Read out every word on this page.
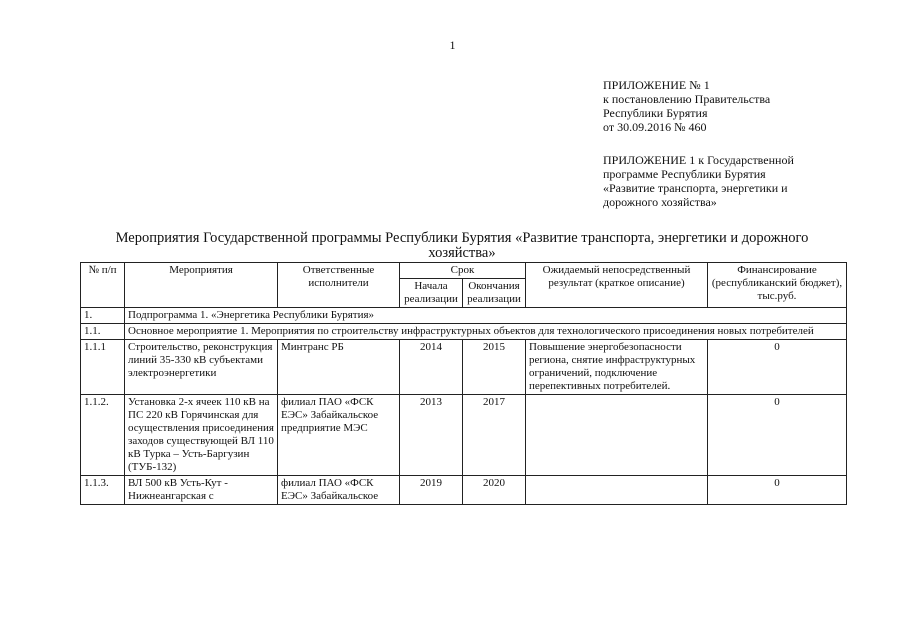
1
ПРИЛОЖЕНИЕ № 1
к постановлению Правительства
Республики Бурятия
от 30.09.2016 № 460
ПРИЛОЖЕНИЕ 1 к Государственной
программе Республики Бурятия
«Развитие транспорта, энергетики и
дорожного хозяйства»
Мероприятия Государственной программы Республики Бурятия «Развитие транспорта, энергетики и дорожного хозяйства»
№ п/п	Мероприятия	Ответственные исполнители	Срок		Ожидаемый непосредственный результат (краткое описание)	Финансирование (республиканский бюджет), тыс.руб.
			Начала реализации	Окончания реализации		
1.	Подпрограмма 1. «Энергетика Республики Бурятия»					
1.1.	Основное мероприятие 1. Мероприятия по строительству инфраструктурных объектов для технологического присоединения новых потребителей					
1.1.1	Строительство, реконструкция линий 35-330 кВ субъектами электроэнергетики	Минтранс РБ	2014	2015	Повышение энергобезопасности региона, снятие инфраструктурных ограничений, подключение перепективных потребителей.	0
1.1.2.	Установка 2-х ячеек 110 кВ на ПС 220 кВ Горячинская для осуществления присоединения заходов существующей ВЛ 110 кВ Турка – Усть-Баргузин (ТУБ-132)	филиал ПАО «ФСК ЕЭС» Забайкальское предприятие МЭС	2013	2017		0
1.1.3.	ВЛ 500 кВ Усть-Кут - Нижнеангарская с	филиал ПАО «ФСК ЕЭС» Забайкальское	2019	2020		0
